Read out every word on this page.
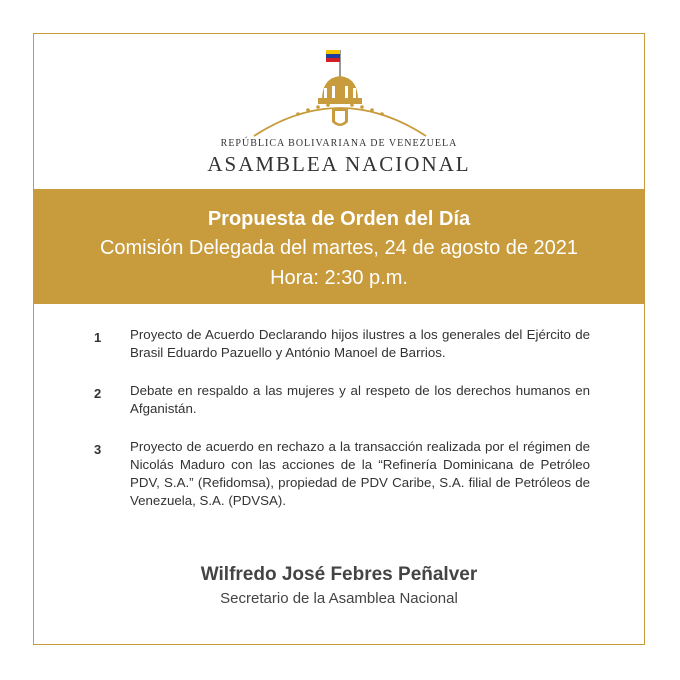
REPÚBLICA BOLIVARIANA DE VENEZUELA
ASAMBLEA NACIONAL
Propuesta de Orden del Día
Comisión Delegada del martes, 24 de agosto de 2021
Hora: 2:30 p.m.
1	Proyecto de Acuerdo Declarando hijos ilustres a los generales del Ejército de Brasil Eduardo Pazuello y António Manoel de Barrios.
2	Debate en respaldo a las mujeres y al respeto de los derechos humanos en Afganistán.
3	Proyecto de acuerdo en rechazo a la transacción realizada por el régimen de Nicolás Maduro con las acciones de la “Refinería Dominicana de Petróleo PDV, S.A.” (Refidomsa), propiedad de PDV Caribe, S.A. filial de Petróleos de Venezuela, S.A. (PDVSA).
Wilfredo José Febres Peñalver
Secretario de la Asamblea Nacional
